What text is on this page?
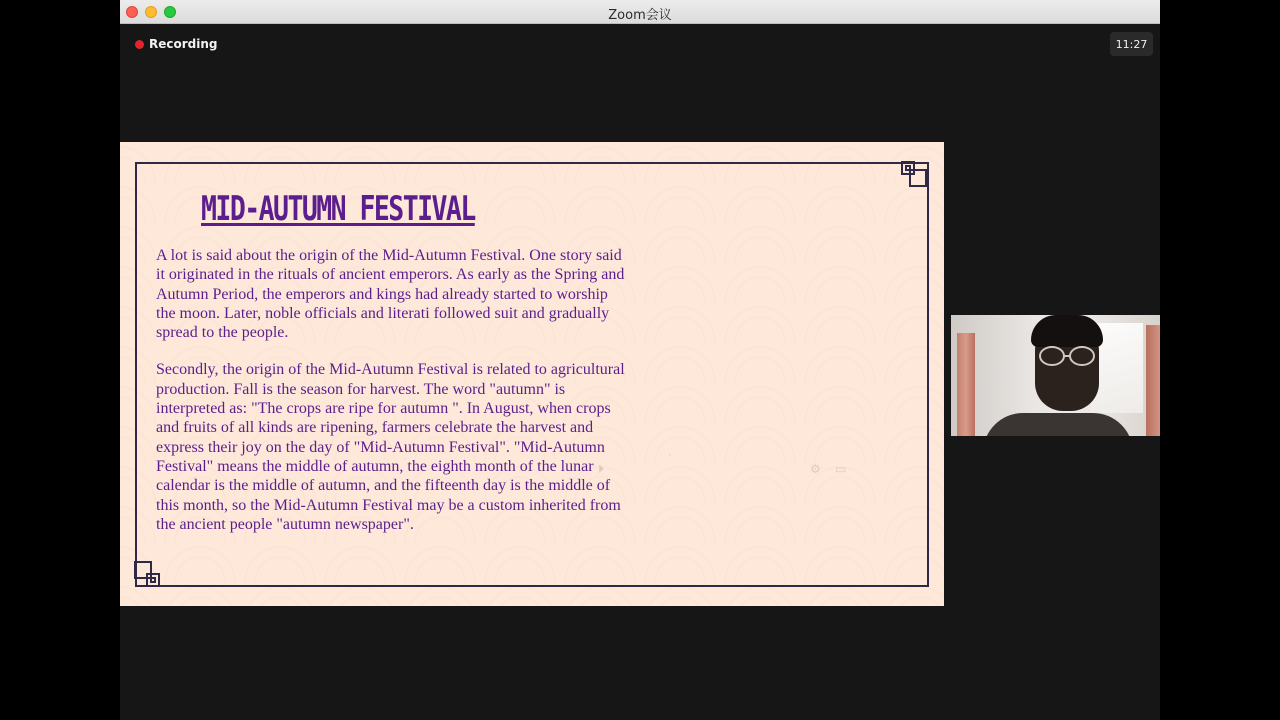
Zoom会议
Recording	11:27
MID-AUTUMN FESTIVAL

A lot is said about the origin of the Mid-Autumn Festival. One story said it originated in the rituals of ancient emperors. As early as the Spring and Autumn Period, the emperors and kings had already started to worship the moon. Later, noble officials and literati followed suit and gradually spread to the people.

Secondly, the origin of the Mid-Autumn Festival is related to agricultural production. Fall is the season for harvest. The word "autumn" is interpreted as: "The crops are ripe for autumn ". In August, when crops and fruits of all kinds are ripening, farmers celebrate the harvest and express their joy on the day of "Mid-Autumn Festival". "Mid-Autumn Festival" means the middle of autumn, the eighth month of the lunar calendar is the middle of autumn, and the fifteenth day is the middle of this month, so the Mid-Autumn Festival may be a custom inherited from the ancient people "autumn newspaper".

⏵
·
⚙ ▭
